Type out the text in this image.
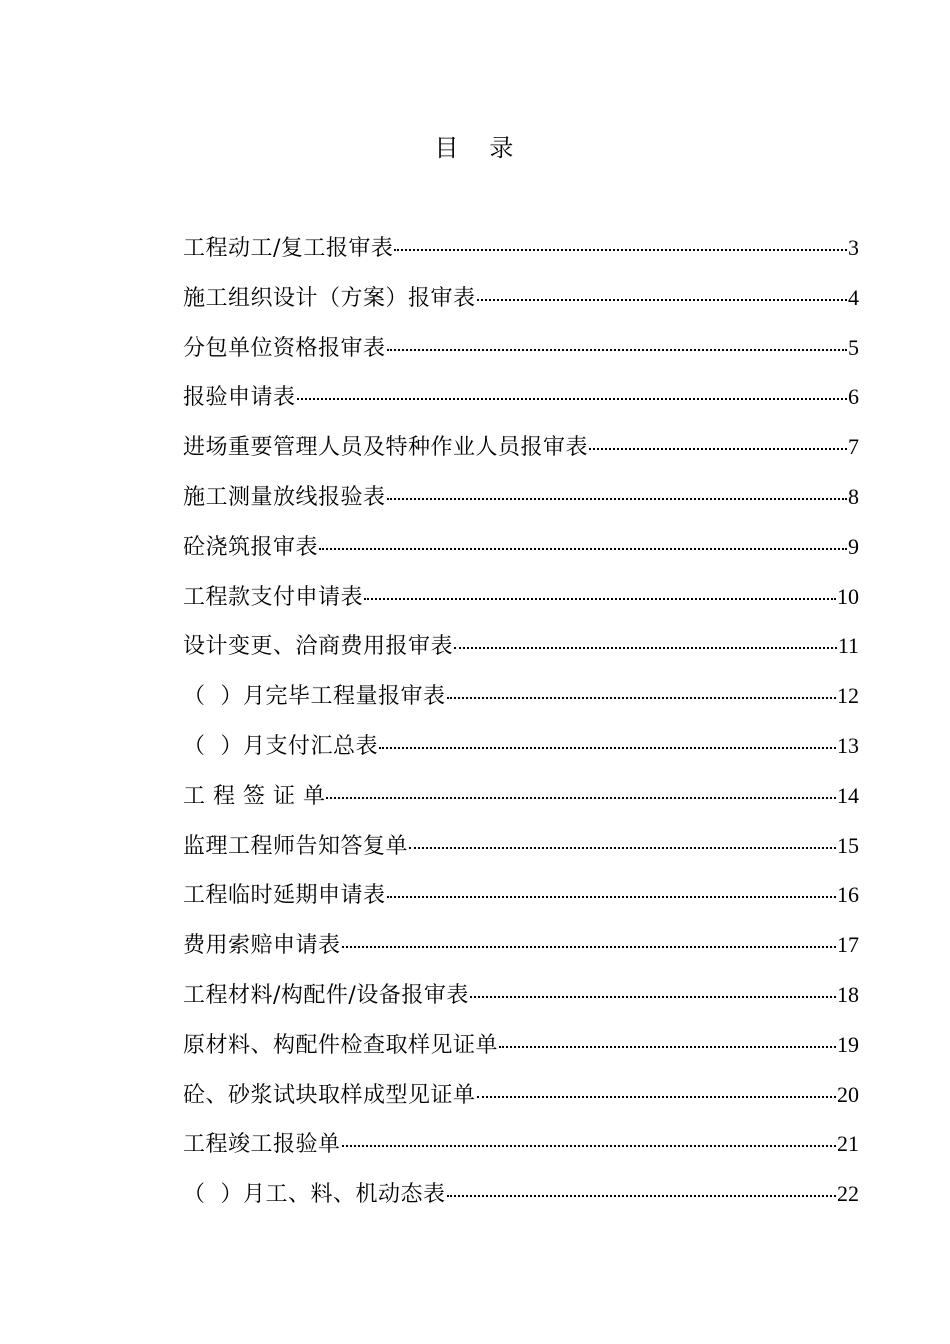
目   录
工程动工/复工报审表	3
施工组织设计（方案）报审表	4
分包单位资格报审表	5
报验申请表	6
进场重要管理人员及特种作业人员报审表	7
施工测量放线报验表	8
砼浇筑报审表	9
工程款支付申请表	10
设计变更、洽商费用报审表	11
（  ）月完毕工程量报审表	12
（  ）月支付汇总表	13
工 程 签 证 单	14
监理工程师告知答复单	15
工程临时延期申请表	16
费用索赔申请表	17
工程材料/构配件/设备报审表	18
原材料、构配件检查取样见证单	19
砼、砂浆试块取样成型见证单	20
工程竣工报验单	21
（  ）月工、料、机动态表	22
